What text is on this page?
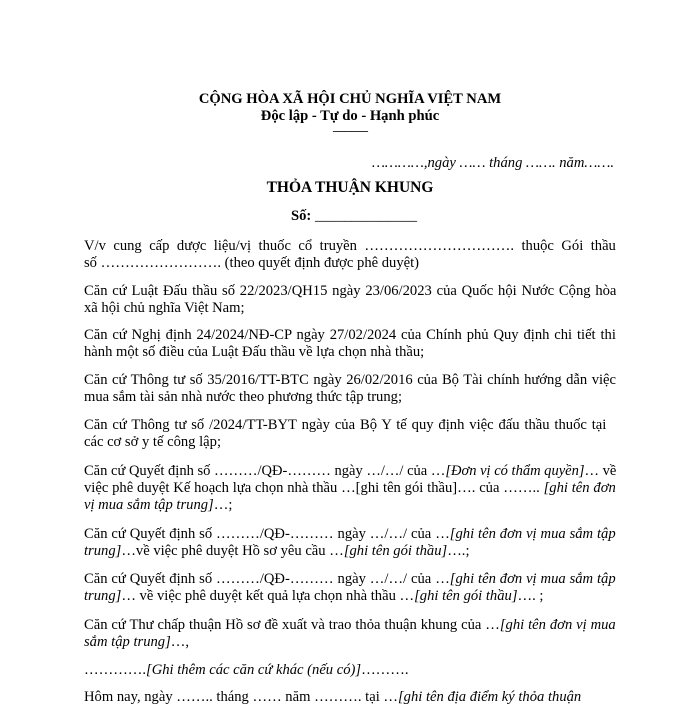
CỘNG HÒA XÃ HỘI CHỦ NGHĨA VIỆT NAM
Độc lập - Tự do - Hạnh phúc
---------------
…………,ngày …… tháng ……. năm…….
THỎA THUẬN KHUNG
Số: ______________
V/v cung cấp dược liệu/vị thuốc cổ truyền …………………………. thuộc Gói thầu
số ……………………. (theo quyết định được phê duyệt)
Căn cứ Luật Đấu thầu số 22/2023/QH15 ngày 23/06/2023 của Quốc hội Nước Cộng hòa
xã hội chủ nghĩa Việt Nam;
Căn cứ Nghị định 24/2024/NĐ-CP ngày 27/02/2024 của Chính phủ Quy định chi tiết thi
hành một số điều của Luật Đấu thầu về lựa chọn nhà thầu;
Căn cứ Thông tư số 35/2016/TT-BTC ngày 26/02/2016 của Bộ Tài chính hướng dẫn việc
mua sắm tài sản nhà nước theo phương thức tập trung;
Căn cứ Thông tư số /2024/TT-BYT ngày của Bộ Y tế quy định việc đấu thầu thuốc tại
các cơ sở y tế công lập;
Căn cứ Quyết định số ………/QĐ-……… ngày …/…/ của …[Đơn vị có thẩm quyền]… về
việc phê duyệt Kế hoạch lựa chọn nhà thầu …[ghi tên gói thầu]…. của …….. [ghi tên đơn
vị mua sắm tập trung]…;
Căn cứ Quyết định số ………/QĐ-……… ngày …/…/ của …[ghi tên đơn vị mua sắm tập
trung]…về việc phê duyệt Hồ sơ yêu cầu …[ghi tên gói thầu]….;
Căn cứ Quyết định số ………/QĐ-……… ngày …/…/ của …[ghi tên đơn vị mua sắm tập
trung]… về việc phê duyệt kết quả lựa chọn nhà thầu …[ghi tên gói thầu]…. ;
Căn cứ Thư chấp thuận Hồ sơ đề xuất và trao thỏa thuận khung của …[ghi tên đơn vị mua
sắm tập trung]…,
………….[Ghi thêm các căn cứ khác (nếu có)]……….
Hôm nay, ngày …….. tháng …… năm ………. tại …[ghi tên địa điểm ký thỏa thuận
